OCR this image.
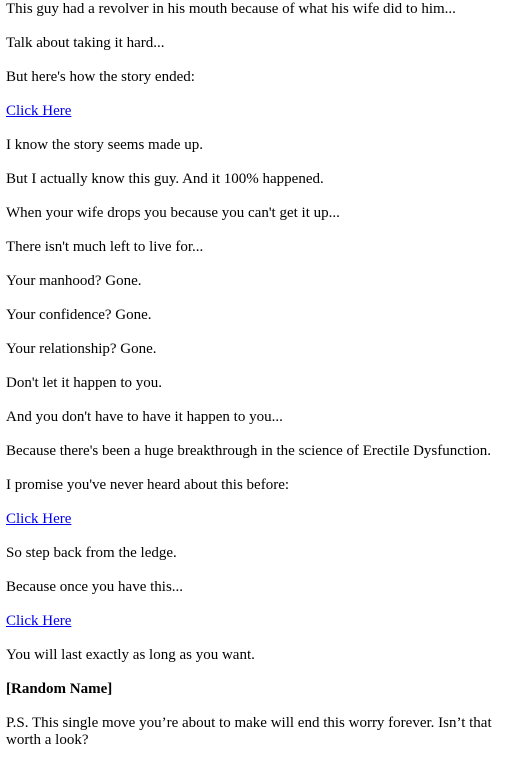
This guy had a revolver in his mouth because of what his wife did to him...

Talk about taking it hard...

But here's how the story ended:

Click Here

I know the story seems made up.

But I actually know this guy. And it 100% happened.

When your wife drops you because you can't get it up...

There isn't much left to live for...

Your manhood? Gone.

Your confidence? Gone.

Your relationship? Gone.

Don't let it happen to you.

And you don't have to have it happen to you...

Because there's been a huge breakthrough in the science of Erectile Dysfunction.

I promise you've never heard about this before:

Click Here

So step back from the ledge.

Because once you have this...

Click Here

You will last exactly as long as you want.

[Random Name]

P.S. This single move you’re about to make will end this worry forever. Isn’t that worth a look?
